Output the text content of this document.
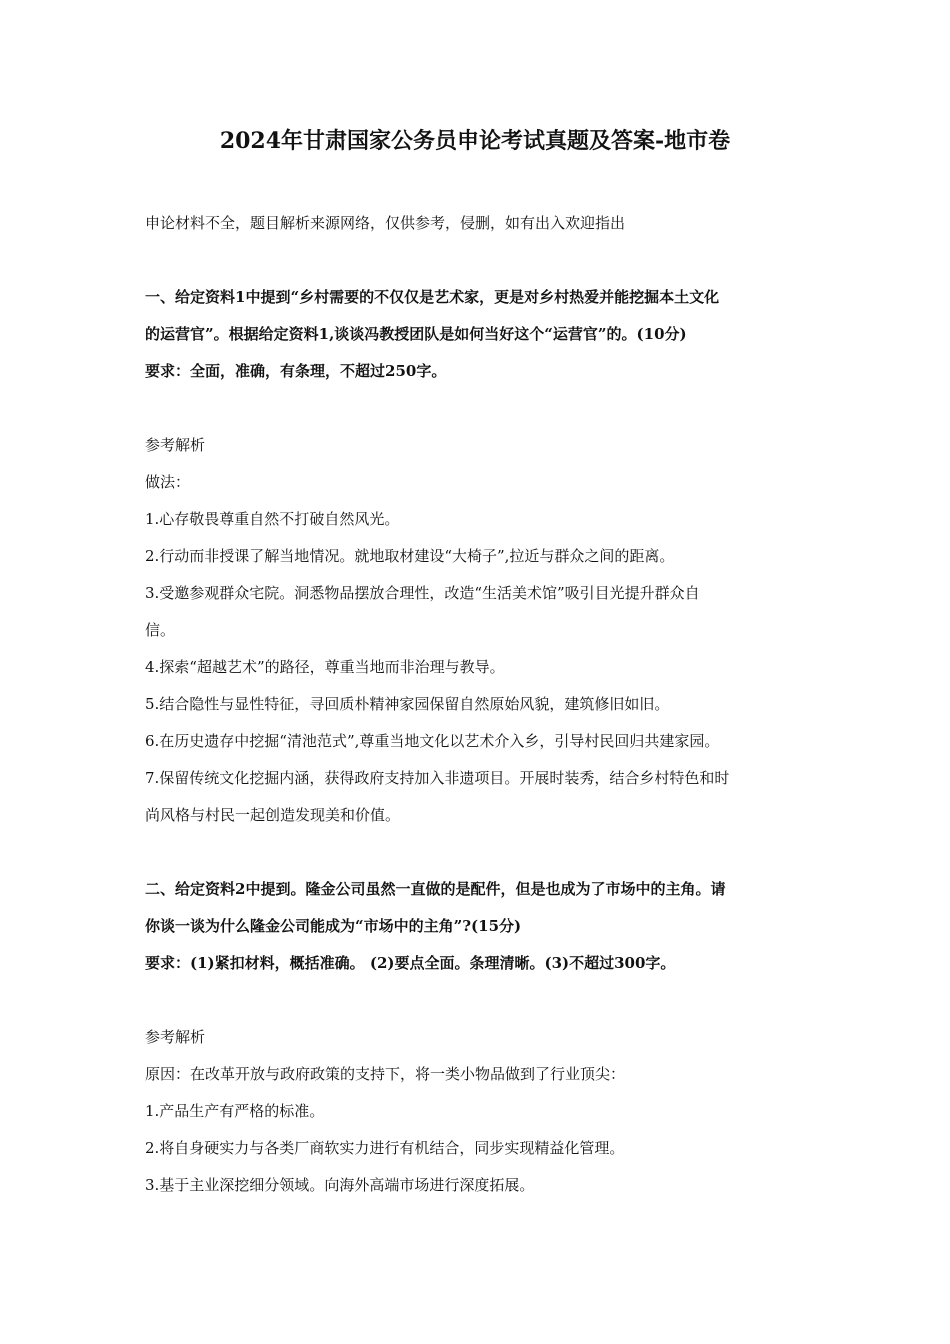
2024年甘肃国家公务员申论考试真题及答案-地市卷

申论材料不全，题目解析来源网络，仅供参考，侵删，如有出入欢迎指出

一、给定资料1中提到“乡村需要的不仅仅是艺术家，更是对乡村热爱并能挖掘本土文化

的运营官”。根据给定资料1,谈谈冯教授团队是如何当好这个“运营官”的。(10分)

要求：全面，准确，有条理，不超过250字。

参考解析

做法：

1.心存敬畏尊重自然不打破自然风光。

2.行动而非授课了解当地情况。就地取材建设“大椅子”,拉近与群众之间的距离。

3.受邀参观群众宅院。洞悉物品摆放合理性，改造“生活美术馆”吸引目光提升群众自

信。

4.探索“超越艺术”的路径，尊重当地而非治理与教导。

5.结合隐性与显性特征，寻回质朴精神家园保留自然原始风貌，建筑修旧如旧。

6.在历史遗存中挖掘“清池范式”,尊重当地文化以艺术介入乡，引导村民回归共建家园。

7.保留传统文化挖掘内涵，获得政府支持加入非遗项目。开展时装秀，结合乡村特色和时

尚风格与村民一起创造发现美和价值。

二、给定资料2中提到。隆金公司虽然一直做的是配件，但是也成为了市场中的主角。请

你谈一谈为什么隆金公司能成为“市场中的主角”?(15分)

要求：(1)紧扣材料，概括准确。 (2)要点全面。条理清晰。(3)不超过300字。

参考解析

原因：在改革开放与政府政策的支持下，将一类小物品做到了行业顶尖：

1.产品生产有严格的标准。

2.将自身硬实力与各类厂商软实力进行有机结合，同步实现精益化管理。

3.基于主业深挖细分领域。向海外高端市场进行深度拓展。
